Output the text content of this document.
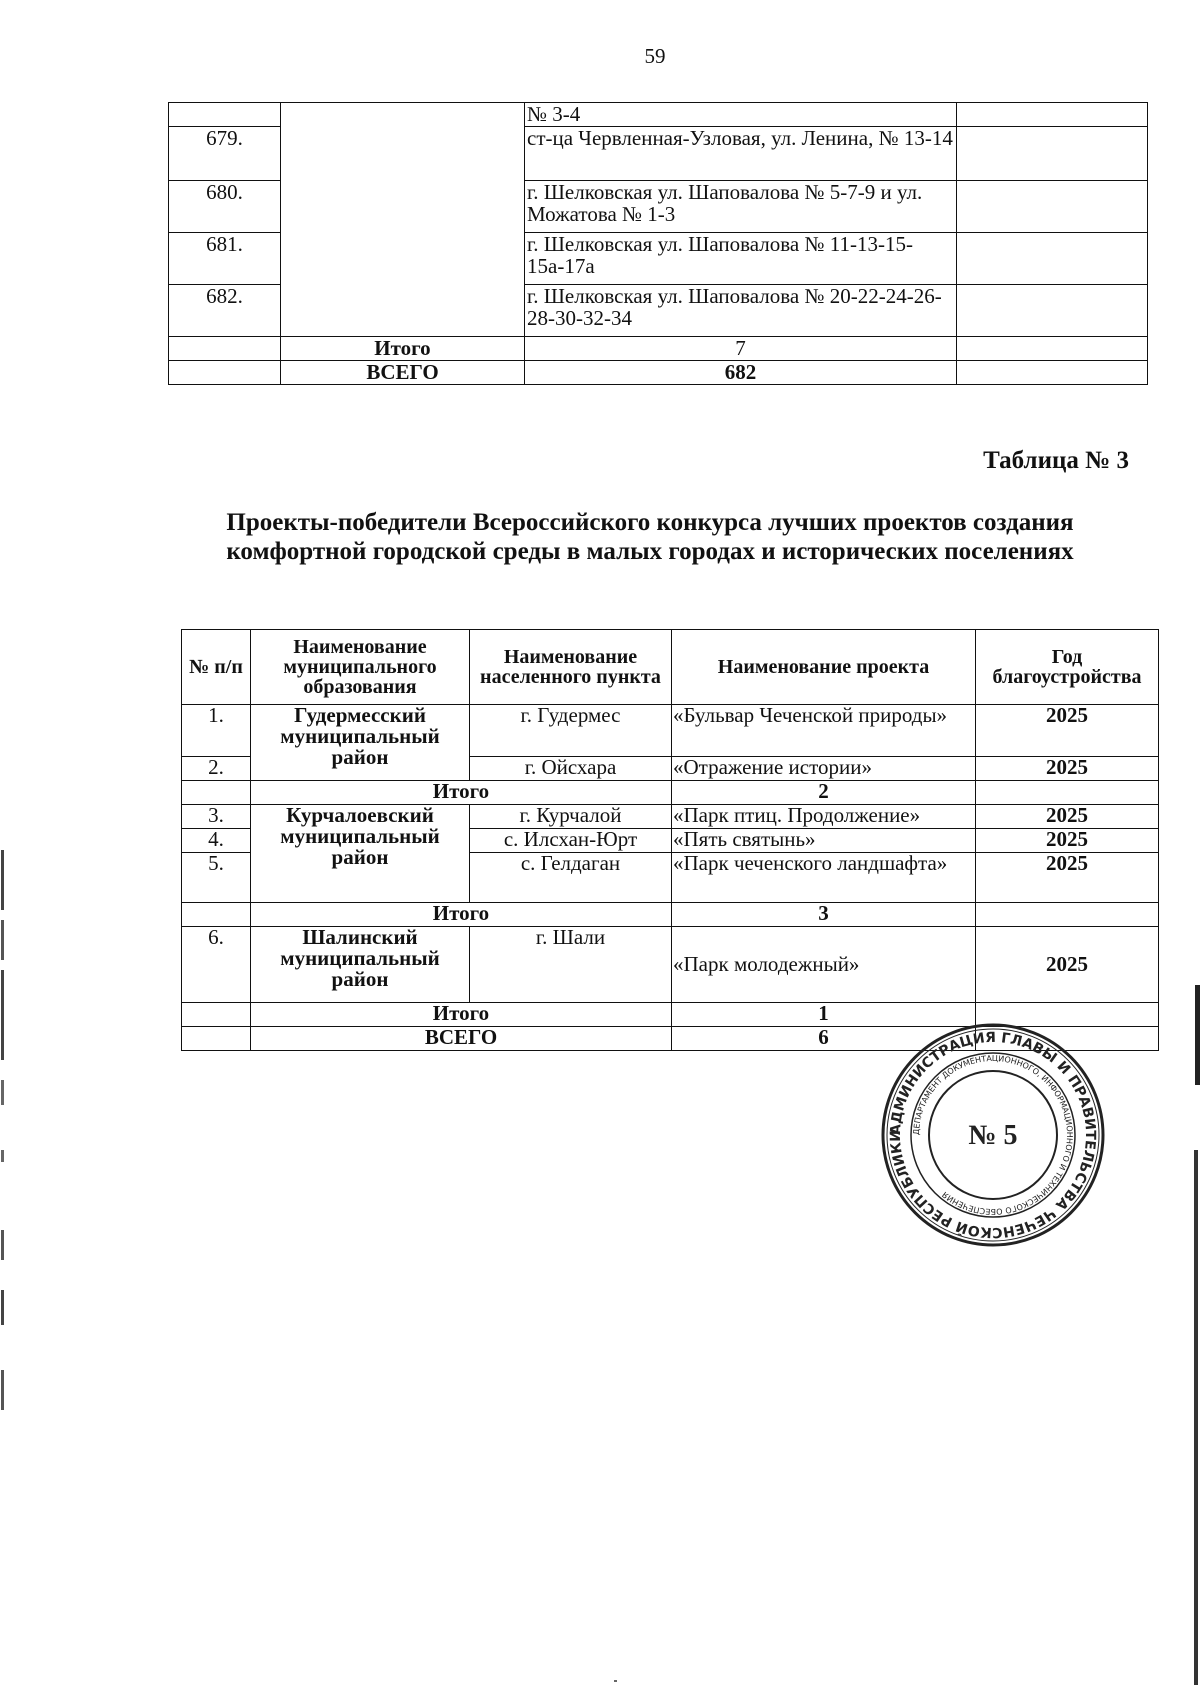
59
		№ 3-4	
679.		ст-ца Червленная-Узловая, ул. Ленина, № 13-14	
680.		г. Шелковская ул. Шаповалова № 5-7-9 и ул. Можатова № 1-3	
681.		г. Шелковская ул. Шаповалова № 11-13-15-15а-17а	
682.		г. Шелковская ул. Шаповалова № 20-22-24-26-28-30-32-34	
	Итого	7	
	ВСЕГО	682	
Таблица № 3
Проекты-победители Всероссийского конкурса лучших проектов создания комфортной городской среды в малых городах и исторических поселениях
№ п/п	Наименование муниципального образования	Наименование населенного пункта	Наименование проекта	Год благоустройства
1.	Гудермесский муниципальный район	г. Гудермес	«Бульвар Чеченской природы»	2025
2.		г. Ойсхара	«Отражение истории»	2025
	Итого		2	
3.	Курчалоевский муниципальный район	г. Курчалой	«Парк птиц. Продолжение»	2025
4.		с. Илсхан-Юрт	«Пять святынь»	2025
5.		с. Гелдаган	«Парк чеченского ландшафта»	2025
	Итого		3	
6.	Шалинский муниципальный район	г. Шали	«Парк молодежный»	2025
	Итого		1	
	ВСЕГО		6	
АДМИНИСТРАЦИЯ ГЛАВЫ И ПРАВИТЕЛЬСТВА ЧЕЧЕНСКОЙ РЕСПУБЛИКИ ДЕПАРТАМЕНТ ДОКУМЕНТАЦИОННОГО, ИНФОРМАЦИОННОГО И ТЕХНИЧЕСКОГО ОБЕСПЕЧЕНИЯ
№ 5
